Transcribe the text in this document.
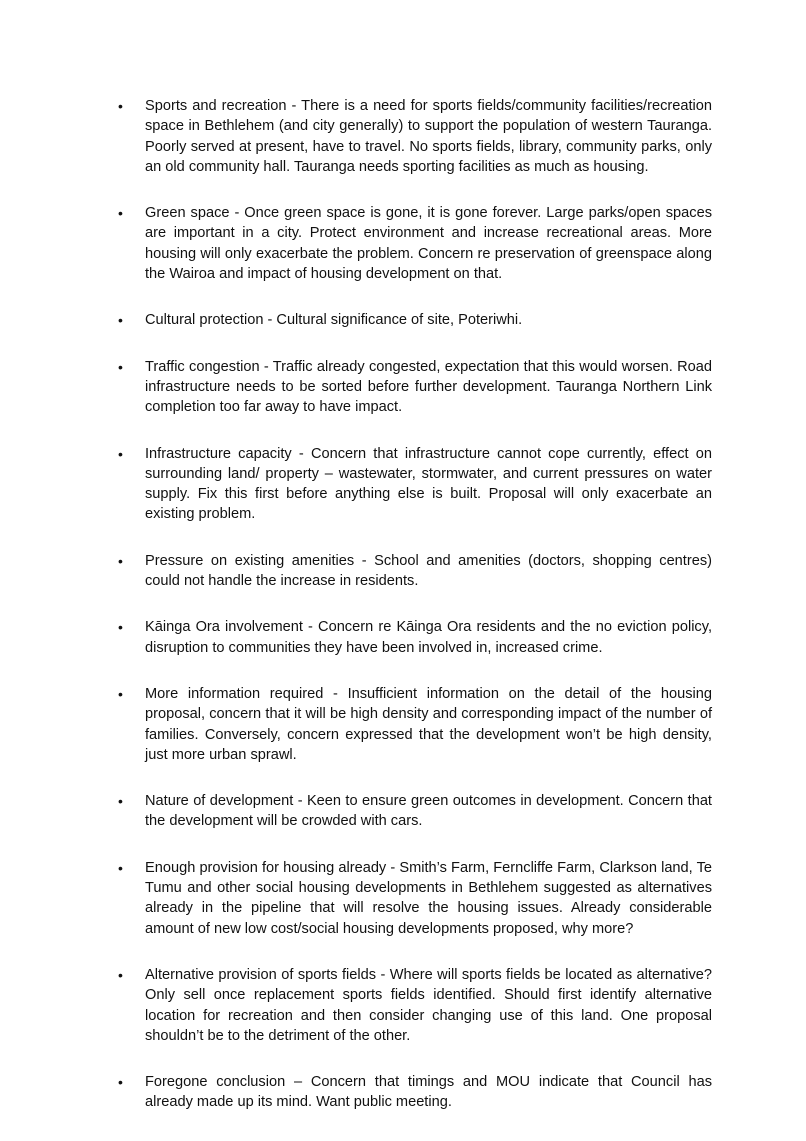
• Sports and recreation - There is a need for sports fields/community facilities/recreation space in Bethlehem (and city generally) to support the population of western Tauranga. Poorly served at present, have to travel. No sports fields, library, community parks, only an old community hall. Tauranga needs sporting facilities as much as housing.
• Green space - Once green space is gone, it is gone forever. Large parks/open spaces are important in a city. Protect environment and increase recreational areas. More housing will only exacerbate the problem. Concern re preservation of greenspace along the Wairoa and impact of housing development on that.
• Cultural protection - Cultural significance of site, Poteriwhi.
• Traffic congestion - Traffic already congested, expectation that this would worsen. Road infrastructure needs to be sorted before further development. Tauranga Northern Link completion too far away to have impact.
• Infrastructure capacity - Concern that infrastructure cannot cope currently, effect on surrounding land/ property – wastewater, stormwater, and current pressures on water supply. Fix this first before anything else is built. Proposal will only exacerbate an existing problem.
• Pressure on existing amenities - School and amenities (doctors, shopping centres) could not handle the increase in residents.
• Kāinga Ora involvement - Concern re Kāinga Ora residents and the no eviction policy, disruption to communities they have been involved in, increased crime.
• More information required - Insufficient information on the detail of the housing proposal, concern that it will be high density and corresponding impact of the number of families. Conversely, concern expressed that the development won’t be high density, just more urban sprawl.
• Nature of development - Keen to ensure green outcomes in development. Concern that the development will be crowded with cars.
• Enough provision for housing already - Smith’s Farm, Ferncliffe Farm, Clarkson land, Te Tumu and other social housing developments in Bethlehem suggested as alternatives already in the pipeline that will resolve the housing issues. Already considerable amount of new low cost/social housing developments proposed, why more?
• Alternative provision of sports fields - Where will sports fields be located as alternative? Only sell once replacement sports fields identified. Should first identify alternative location for recreation and then consider changing use of this land. One proposal shouldn’t be to the detriment of the other.
• Foregone conclusion – Concern that timings and MOU indicate that Council has already made up its mind. Want public meeting.
